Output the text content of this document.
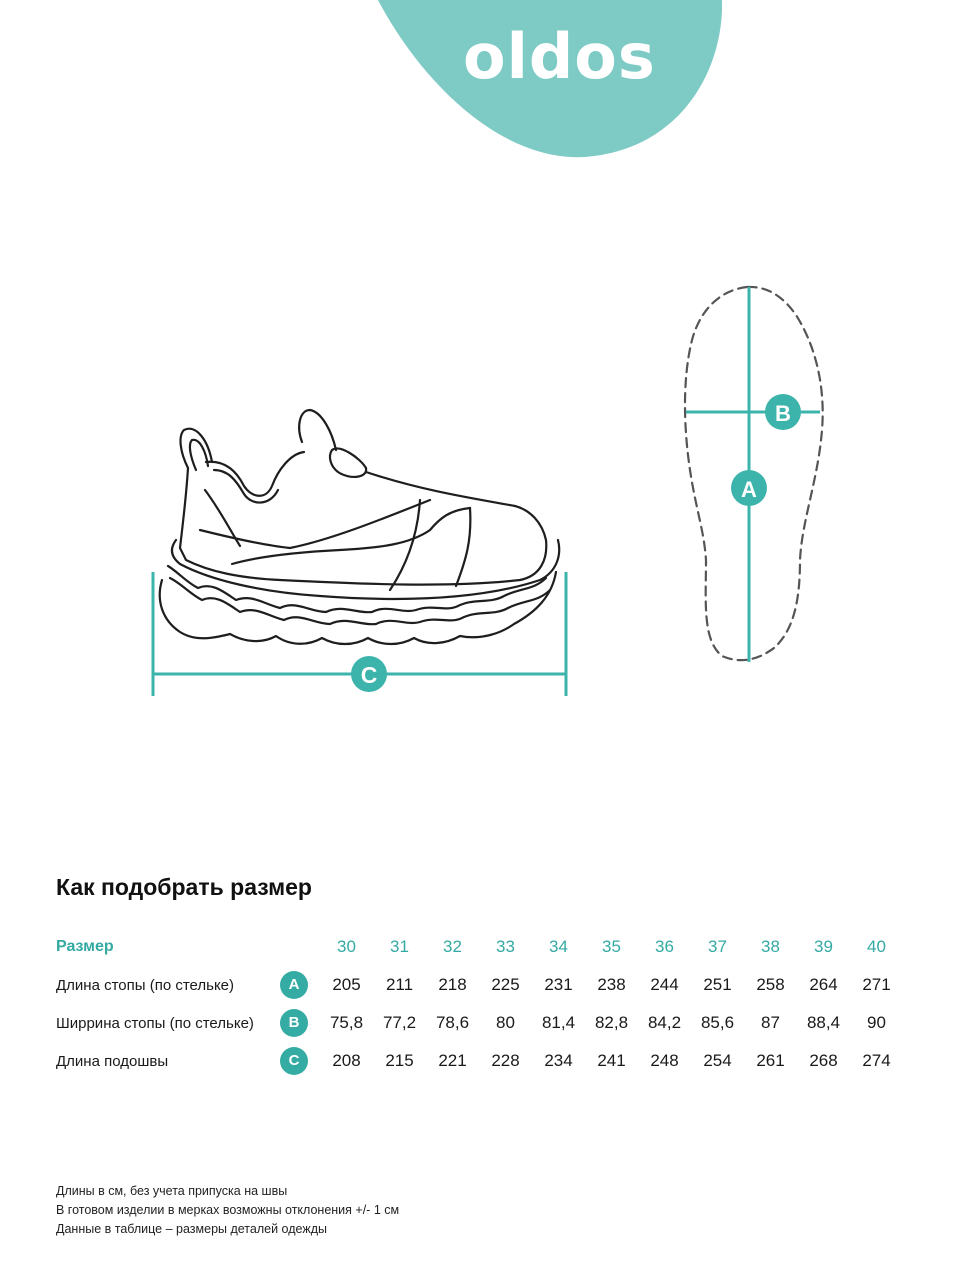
oldos
C
B
A
Как подобрать размер
Размер		30	31	32	33	34	35	36	37	38	39	40
Длина стопы (по стельке)	A	205	211	218	225	231	238	244	251	258	264	271
Ширрина стопы (по стельке)	B	75,8	77,2	78,6	80	81,4	82,8	84,2	85,6	87	88,4	90
Длина подошвы	C	208	215	221	228	234	241	248	254	261	268	274
Длины в см, без учета припуска на швы
В готовом изделии в мерках возможны отклонения +/- 1 см
Данные в таблице – размеры деталей одежды
